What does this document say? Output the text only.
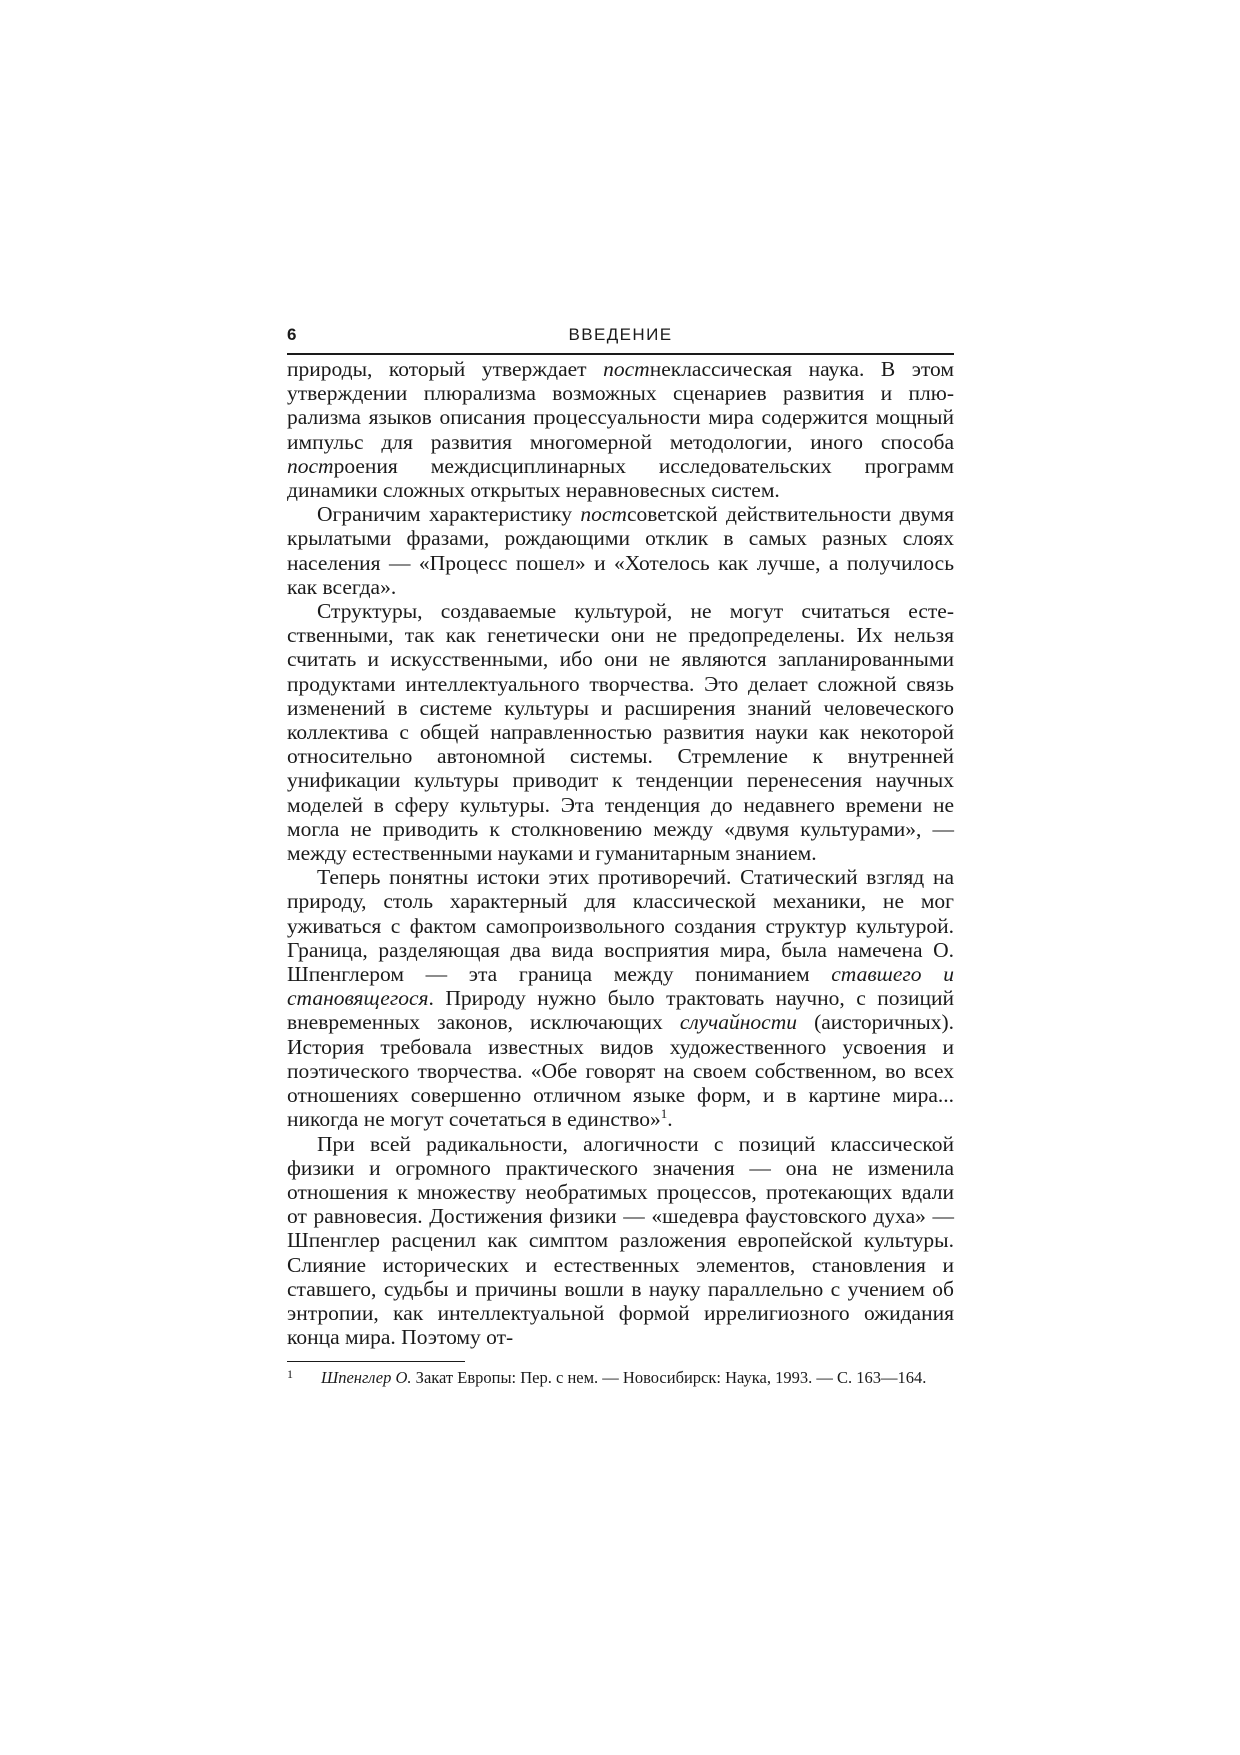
6	ВВЕДЕНИЕ

природы, который утверждает постнеклассическая наука. В этом утверждении плюрализма возможных сценариев развития и плюрализма языков описания процессуальности мира содержится мощный импульс для развития многомерной методологии, иного способа построения междисциплинарных исследовательских программ динамики сложных открытых неравновесных систем.

Ограничим характеристику постсоветской действительности двумя крылатыми фразами, рождающими отклик в самых разных слоях населения — «Процесс пошел» и «Хотелось как лучше, а получилось как всегда».

Структуры, создаваемые культурой, не могут считаться естественными, так как генетически они не предопределены. Их нельзя считать и искусственными, ибо они не являются запланированными продуктами интеллектуального творчества. Это делает сложной связь изменений в системе культуры и расширения знаний человеческого коллектива с общей направленностью развития науки как некоторой относительно автономной системы. Стремление к внутренней унификации культуры приводит к тенденции перенесения научных моделей в сферу культуры. Эта тенденция до недавнего времени не могла не приводить к столкновению между «двумя культурами», — между естественными науками и гуманитарным знанием.

Теперь понятны истоки этих противоречий. Статический взгляд на природу, столь характерный для классической механики, не мог уживаться с фактом самопроизвольного создания структур культурой. Граница, разделяющая два вида восприятия мира, была намечена О. Шпенглером — эта граница между пониманием ставшего и становящегося. Природу нужно было трактовать научно, с позиций вневременных законов, исключающих случайности (аисторичных). История требовала известных видов художественного усвоения и поэтического творчества. «Обе говорят на своем собственном, во всех отношениях совершенно отличном языке форм, и в картине мира... никогда не могут сочетаться в единство»$^1$.

При всей радикальности, алогичности с позиций классической физики и огромного практического значения — она не изменила отношения к множеству необратимых процессов, протекающих вдали от равновесия. Достижения физики — «шедевра фаустовского духа» — Шпенглер расценил как симптом разложения европейской культуры. Слияние исторических и естественных элементов, становления и ставшего, судьбы и причины вошли в науку параллельно с учением об энтропии, как интеллектуальной формой иррелигиозного ожидания конца мира. Поэтому от-

1 Шпенглер О. Закат Европы: Пер. с нем. — Новосибирск: Наука, 1993. — С. 163—164.
